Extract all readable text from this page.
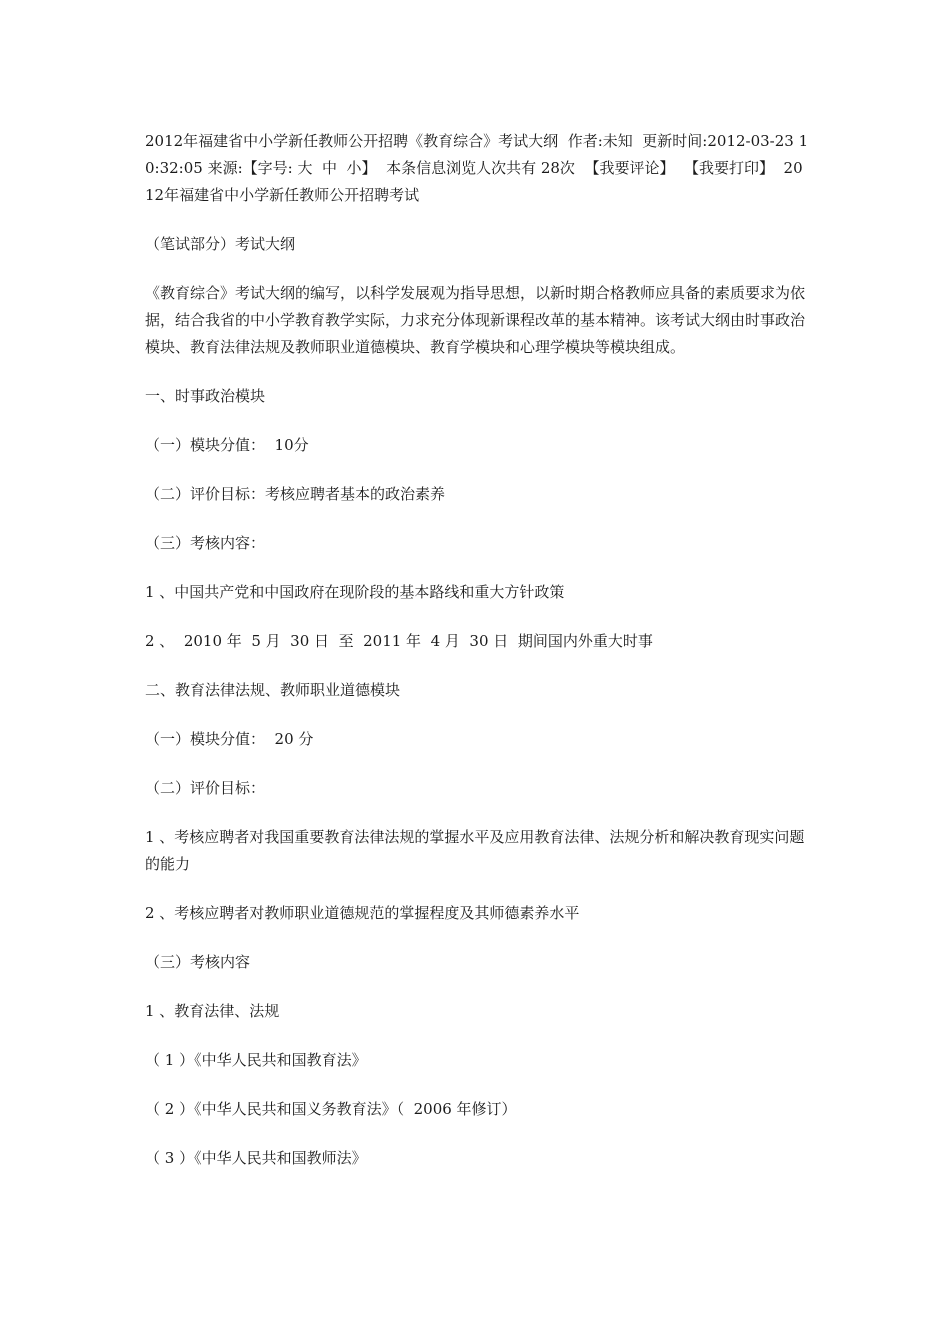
2012年福建省中小学新任教师公开招聘《教育综合》考试大纲  作者:未知  更新时间:2012-03-23 10:32:05 来源:【字号: 大  中  小】  本条信息浏览人次共有 28次  【我要评论】  【我要打印】  2012年福建省中小学新任教师公开招聘考试

（笔试部分）考试大纲

《教育综合》考试大纲的编写，以科学发展观为指导思想，以新时期合格教师应具备的素质要求为依据，结合我省的中小学教育教学实际，力求充分体现新课程改革的基本精神。该考试大纲由时事政治模块、教育法律法规及教师职业道德模块、教育学模块和心理学模块等模块组成。

一、时事政治模块

（一）模块分值：  10分

（二）评价目标：考核应聘者基本的政治素养

（三）考核内容：

1 、中国共产党和中国政府在现阶段的基本路线和重大方针政策

2 、  2010 年  5 月  30 日  至  2011 年  4 月  30 日  期间国内外重大时事

二、教育法律法规、教师职业道德模块

（一）模块分值：  20 分

（二）评价目标：

1 、考核应聘者对我国重要教育法律法规的掌握水平及应用教育法律、法规分析和解决教育现实问题的能力

2 、考核应聘者对教师职业道德规范的掌握程度及其师德素养水平

（三）考核内容

1 、教育法律、法规

（ 1 ）《中华人民共和国教育法》

（ 2 ）《中华人民共和国义务教育法》（  2006 年修订）

（ 3 ）《中华人民共和国教师法》
